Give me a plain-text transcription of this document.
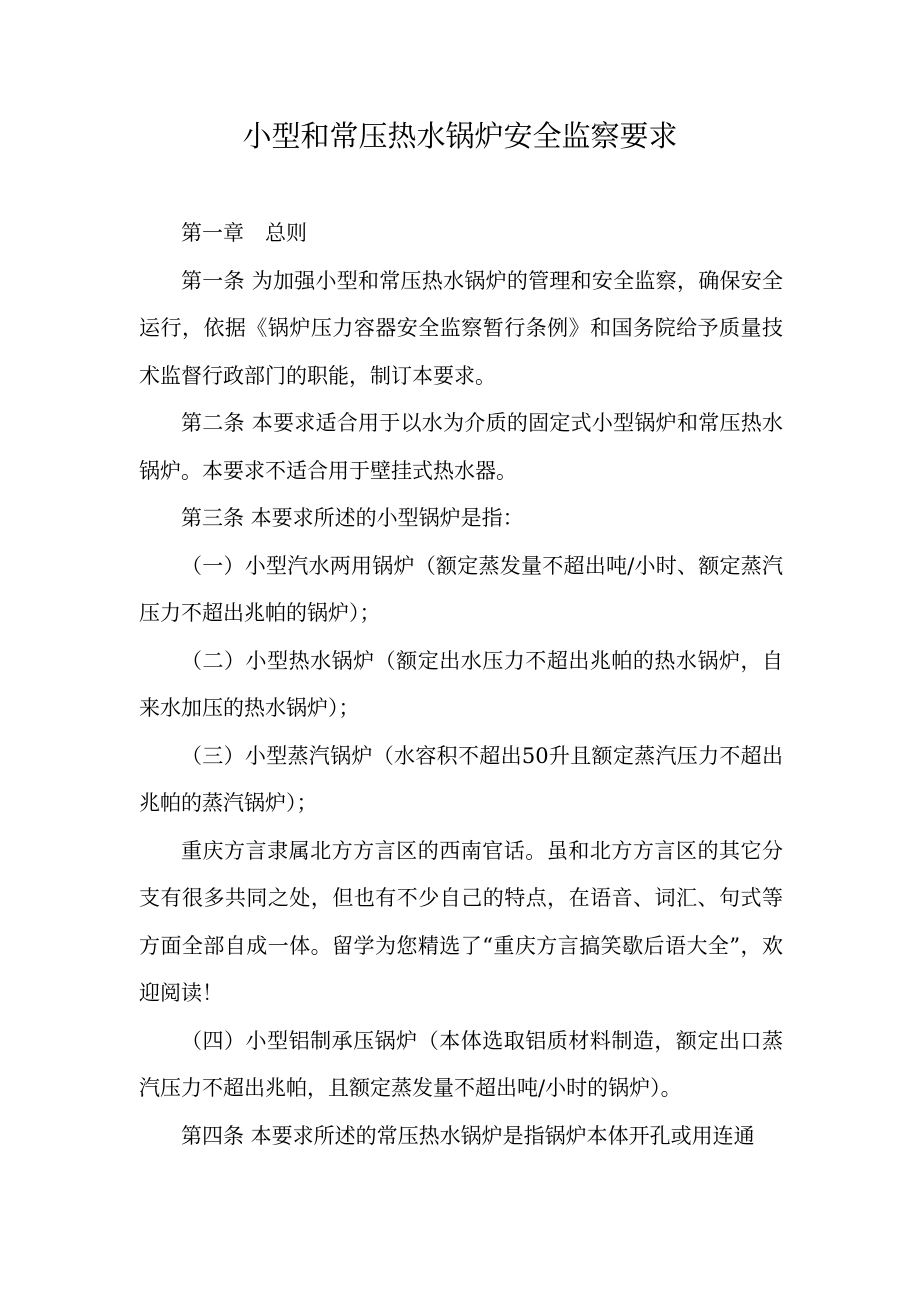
小型和常压热水锅炉安全监察要求

第一章　总则

第一条 为加强小型和常压热水锅炉的管理和安全监察，确保安全运行，依据《锅炉压力容器安全监察暂行条例》和国务院给予质量技术监督行政部门的职能，制订本要求。

第二条 本要求适合用于以水为介质的固定式小型锅炉和常压热水锅炉。本要求不适合用于壁挂式热水器。

第三条 本要求所述的小型锅炉是指：

（一）小型汽水两用锅炉（额定蒸发量不超出吨/小时、额定蒸汽压力不超出兆帕的锅炉）；

（二）小型热水锅炉（额定出水压力不超出兆帕的热水锅炉，自来水加压的热水锅炉）；

（三）小型蒸汽锅炉（水容积不超出50升且额定蒸汽压力不超出兆帕的蒸汽锅炉）；

重庆方言隶属北方方言区的西南官话。虽和北方方言区的其它分支有很多共同之处，但也有不少自己的特点，在语音、词汇、句式等方面全部自成一体。留学为您精选了“重庆方言搞笑歇后语大全”，欢迎阅读！

（四）小型铝制承压锅炉（本体选取铝质材料制造，额定出口蒸汽压力不超出兆帕，且额定蒸发量不超出吨/小时的锅炉）。

第四条 本要求所述的常压热水锅炉是指锅炉本体开孔或用连通
